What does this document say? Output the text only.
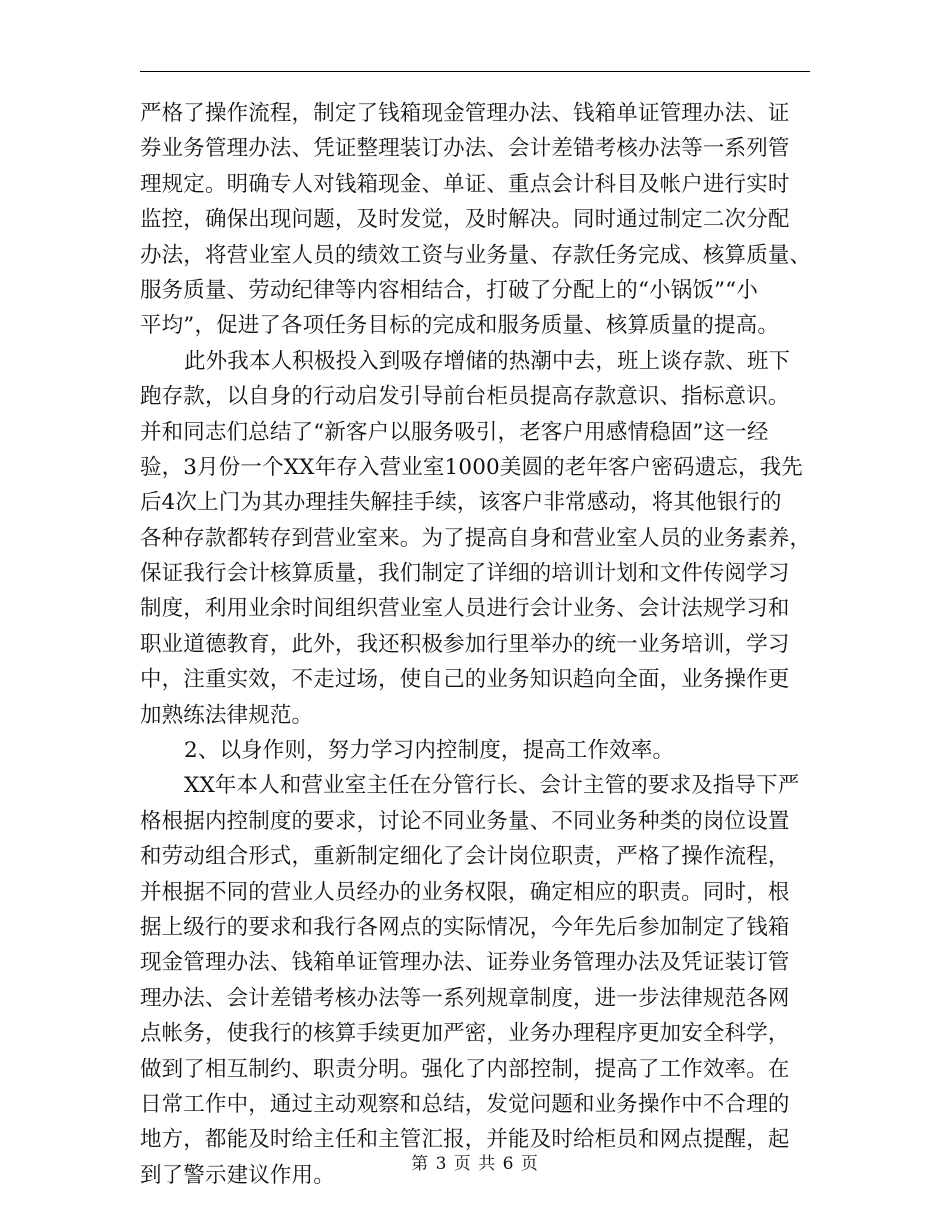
严格了操作流程，制定了钱箱现金管理办法、钱箱单证管理办法、证
券业务管理办法、凭证整理装订办法、会计差错考核办法等一系列管
理规定。明确专人对钱箱现金、单证、重点会计科目及帐户进行实时
监控，确保出现问题，及时发觉，及时解决。同时通过制定二次分配
办法，将营业室人员的绩效工资与业务量、存款任务完成、核算质量、
服务质量、劳动纪律等内容相结合，打破了分配上的“小锅饭”“小
平均”，促进了各项任务目标的完成和服务质量、核算质量的提高。
此外我本人积极投入到吸存增储的热潮中去，班上谈存款、班下
跑存款，以自身的行动启发引导前台柜员提高存款意识、指标意识。
并和同志们总结了“新客户以服务吸引，老客户用感情稳固”这一经
验，3月份一个XX年存入营业室1000美圆的老年客户密码遗忘，我先
后4次上门为其办理挂失解挂手续，该客户非常感动，将其他银行的
各种存款都转存到营业室来。为了提高自身和营业室人员的业务素养，
保证我行会计核算质量，我们制定了详细的培训计划和文件传阅学习
制度，利用业余时间组织营业室人员进行会计业务、会计法规学习和
职业道德教育，此外，我还积极参加行里举办的统一业务培训，学习
中，注重实效，不走过场，使自己的业务知识趋向全面，业务操作更
加熟练法律规范。
2、以身作则，努力学习内控制度，提高工作效率。
XX年本人和营业室主任在分管行长、会计主管的要求及指导下严
格根据内控制度的要求，讨论不同业务量、不同业务种类的岗位设置
和劳动组合形式，重新制定细化了会计岗位职责，严格了操作流程，
并根据不同的营业人员经办的业务权限，确定相应的职责。同时，根
据上级行的要求和我行各网点的实际情况，今年先后参加制定了钱箱
现金管理办法、钱箱单证管理办法、证券业务管理办法及凭证装订管
理办法、会计差错考核办法等一系列规章制度，进一步法律规范各网
点帐务，使我行的核算手续更加严密，业务办理程序更加安全科学，
做到了相互制约、职责分明。强化了内部控制，提高了工作效率。在
日常工作中，通过主动观察和总结，发觉问题和业务操作中不合理的
地方，都能及时给主任和主管汇报，并能及时给柜员和网点提醒，起
到了警示建议作用。	第 3 页 共 6 页
